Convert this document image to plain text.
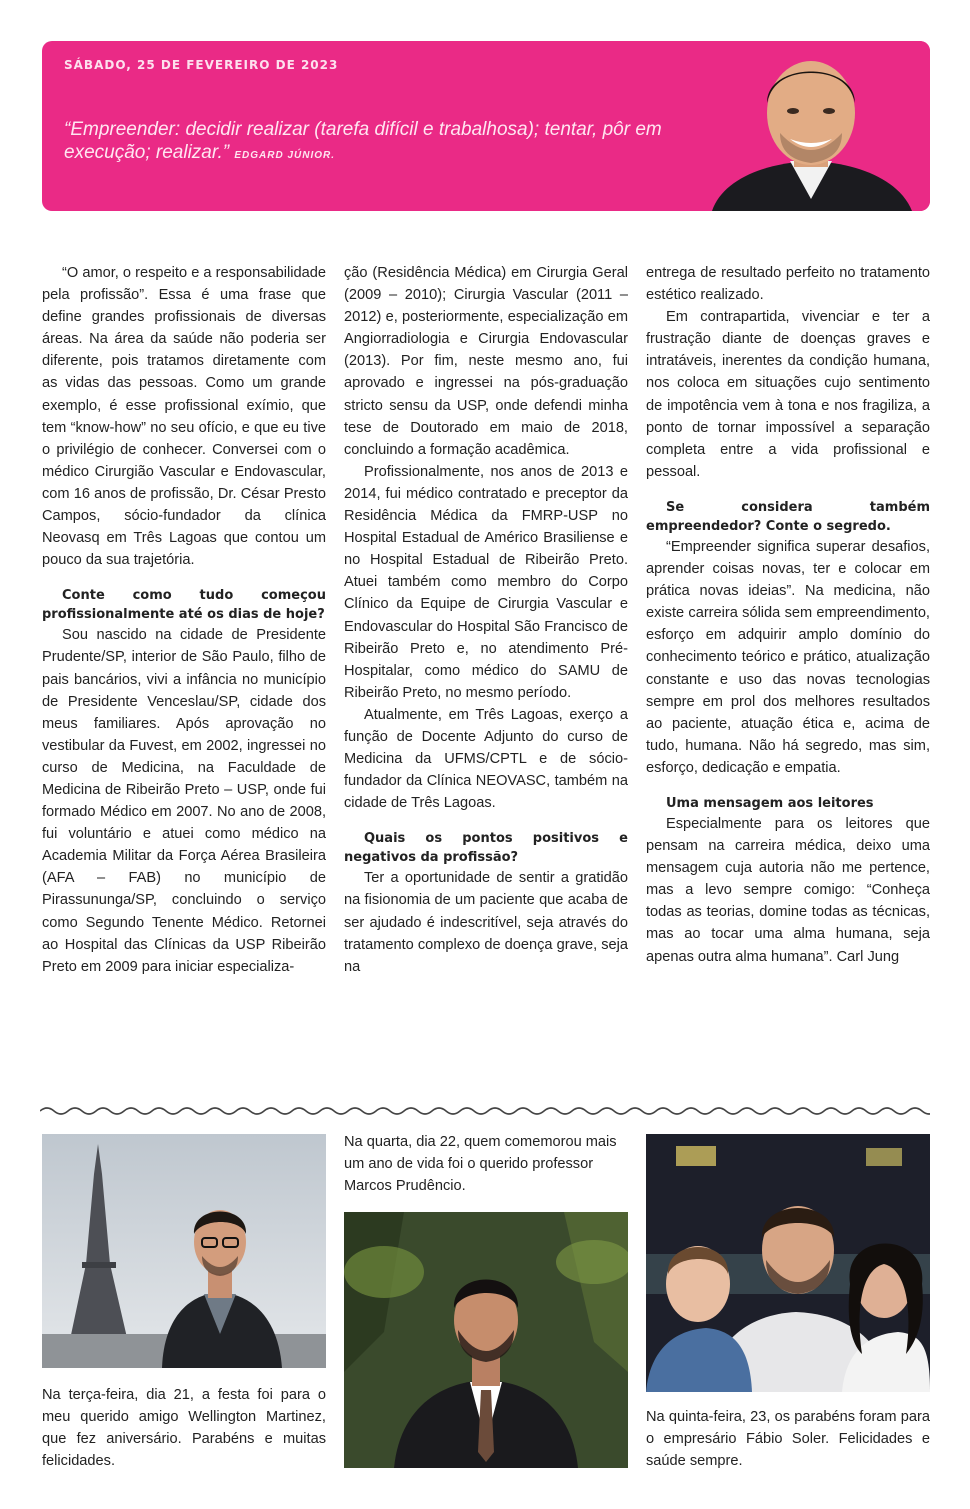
SÁBADO, 25 DE FEVEREIRO DE 2023
“Empreender: decidir realizar (tarefa difícil e trabalhosa); tentar, pôr em execução; realizar.” EDGARD JÚNIOR.

“O amor, o respeito e a responsabilidade pela profissão”. Essa é uma frase que define grandes profissionais de diversas áreas. Na área da saúde não poderia ser diferente, pois tratamos diretamente com as vidas das pessoas. Como um grande exemplo, é esse profissional exímio, que tem “know-how” no seu ofício, e que eu tive o privilégio de conhecer. Conversei com o médico Cirurgião Vascular e Endovascular, com 16 anos de profissão, Dr. César Presto Campos, sócio-fundador da clínica Neovasq em Três Lagoas que contou um pouco da sua trajetória.

Conte como tudo começou profissionalmente até os dias de hoje?

Sou nascido na cidade de Presidente Prudente/SP, interior de São Paulo, filho de pais bancários, vivi a infância no município de Presidente Venceslau/SP, cidade dos meus familiares. Após aprovação no vestibular da Fuvest, em 2002, ingressei no curso de Medicina, na Faculdade de Medicina de Ribeirão Preto – USP, onde fui formado Médico em 2007. No ano de 2008, fui voluntário e atuei como médico na Academia Militar da Força Aérea Brasileira (AFA – FAB) no município de Pirassununga/SP, concluindo o serviço como Segundo Tenente Médico. Retornei ao Hospital das Clínicas da USP Ribeirão Preto em 2009 para iniciar especializa-

ção (Residência Médica) em Cirurgia Geral (2009 – 2010); Cirurgia Vascular (2011 – 2012) e, posteriormente, especialização em Angiorradiologia e Cirurgia Endovascular (2013). Por fim, neste mesmo ano, fui aprovado e ingressei na pós-graduação stricto sensu da USP, onde defendi minha tese de Doutorado em maio de 2018, concluindo a formação acadêmica.

Profissionalmente, nos anos de 2013 e 2014, fui médico contratado e preceptor da Residência Médica da FMRP-USP no Hospital Estadual de Américo Brasiliense e no Hospital Estadual de Ribeirão Preto. Atuei também como membro do Corpo Clínico da Equipe de Cirurgia Vascular e Endovascular do Hospital São Francisco de Ribeirão Preto e, no atendimento Pré-Hospitalar, como médico do SAMU de Ribeirão Preto, no mesmo período.

Atualmente, em Três Lagoas, exerço a função de Docente Adjunto do curso de Medicina da UFMS/CPTL e de sócio-fundador da Clínica NEOVASC, também na cidade de Três Lagoas.

Quais os pontos positivos e negativos da profissão?

Ter a oportunidade de sentir a gratidão na fisionomia de um paciente que acaba de ser ajudado é indescritível, seja através do tratamento complexo de doença grave, seja na

entrega de resultado perfeito no tratamento estético realizado.

Em contrapartida, vivenciar e ter a frustração diante de doenças graves e intratáveis, inerentes da condição humana, nos coloca em situações cujo sentimento de impotência vem à tona e nos fragiliza, a ponto de tornar impossível a separação completa entre a vida profissional e pessoal.

Se considera também empreendedor? Conte o segredo.

“Empreender significa superar desafios, aprender coisas novas, ter e colocar em prática novas ideias”. Na medicina, não existe carreira sólida sem empreendimento, esforço em adquirir amplo domínio do conhecimento teórico e prático, atualização constante e uso das novas tecnologias sempre em prol dos melhores resultados ao paciente, atuação ética e, acima de tudo, humana. Não há segredo, mas sim, esforço, dedicação e empatia.

Uma mensagem aos leitores

Especialmente para os leitores que pensam na carreira médica, deixo uma mensagem cuja autoria não me pertence, mas a levo sempre comigo: “Conheça todas as teorias, domine todas as técnicas, mas ao tocar uma alma humana, seja apenas outra alma humana”. Carl Jung

Na terça-feira, dia 21, a festa foi para o meu querido amigo Wellington Martinez, que fez aniversário. Parabéns e muitas felicidades.
Na quarta, dia 22, quem comemorou mais um ano de vida foi o querido professor Marcos Prudêncio.
Na quinta-feira, 23, os parabéns foram para o empresário Fábio Soler. Felicidades e saúde sempre.
